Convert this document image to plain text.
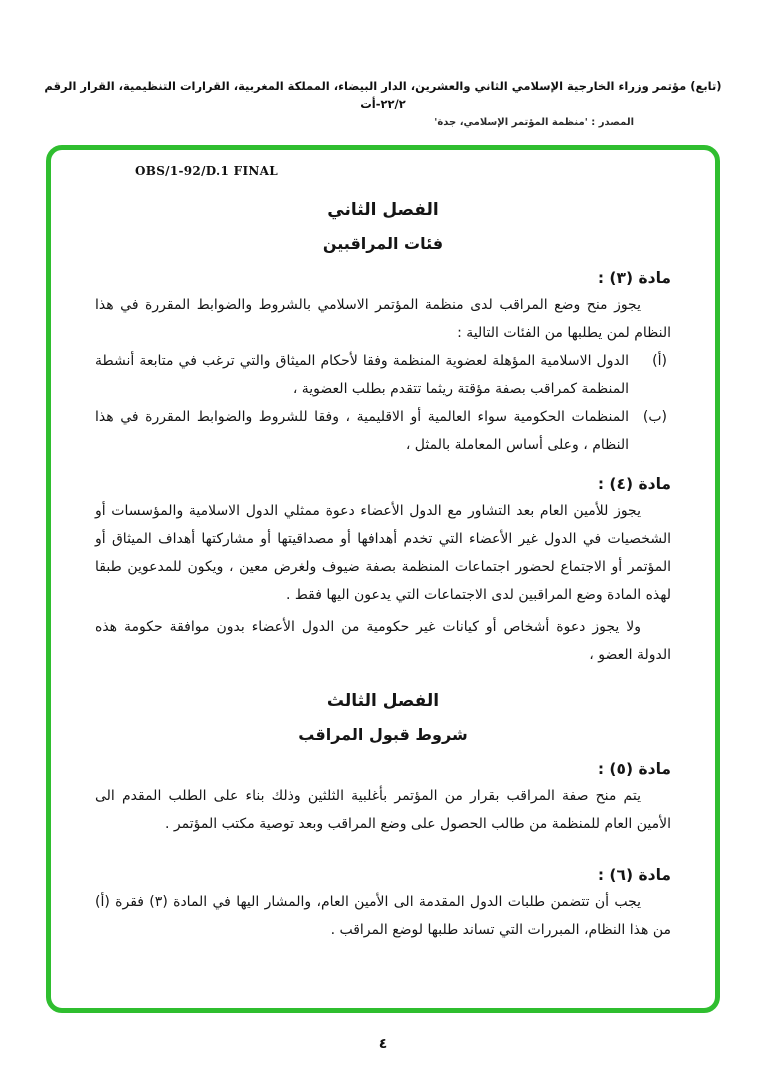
(تابع) مؤتمر وزراء الخارجية الإسلامي الثاني والعشرين، الدار البيضاء، المملكة المغربية، القرارات التنظيمية، القرار الرقم ٢٢/٢-أت
المصدر : 'منظمة المؤتمر الإسلامي، جدة'
OBS/1-92/D.1 FINAL
الفصل الثاني
فئات المراقبين
مادة (٣) :

يجوز منح وضع المراقب لدى منظمة المؤتمر الاسلامي بالشروط والضوابط المقررة في هذا النظام لمن يطلبها من الفئات التالية :

(أ)
الدول الاسلامية المؤهلة لعضوية المنظمة وفقا لأحكام الميثاق والتي ترغب في متابعة أنشطة المنظمة كمراقب بصفة مؤقتة ريثما تتقدم بطلب العضوية ،
(ب)
المنظمات الحكومية سواء العالمية أو الاقليمية ، وفقا للشروط والضوابط المقررة في هذا النظام ، وعلى أساس المعاملة بالمثل ،
مادة (٤) :

يجوز للأمين العام بعد التشاور مع الدول الأعضاء دعوة ممثلي الدول الاسلامية والمؤسسات أو الشخصيات في الدول غير الأعضاء التي تخدم أهدافها أو مصداقيتها أو مشاركتها أهداف الميثاق أو المؤتمر أو الاجتماع لحضور اجتماعات المنظمة بصفة ضيوف ولغرض معين ، ويكون للمدعوين طبقا لهذه المادة وضع المراقبين لدى الاجتماعات التي يدعون اليها فقط .

ولا يجوز دعوة أشخاص أو كيانات غير حكومية من الدول الأعضاء بدون موافقة حكومة هذه الدولة العضو ،

الفصل الثالث
شروط قبول المراقب
مادة (٥) :

يتم منح صفة المراقب بقرار من المؤتمر بأغلبية الثلثين وذلك بناء على الطلب المقدم الى الأمين العام للمنظمة من طالب الحصول على وضع المراقب وبعد توصية مكتب المؤتمر .

مادة (٦) :

يجب أن تتضمن طلبات الدول المقدمة الى الأمين العام، والمشار اليها في المادة (٣) فقرة (أ) من هذا النظام، المبررات التي تساند طلبها لوضع المراقب .

٤
